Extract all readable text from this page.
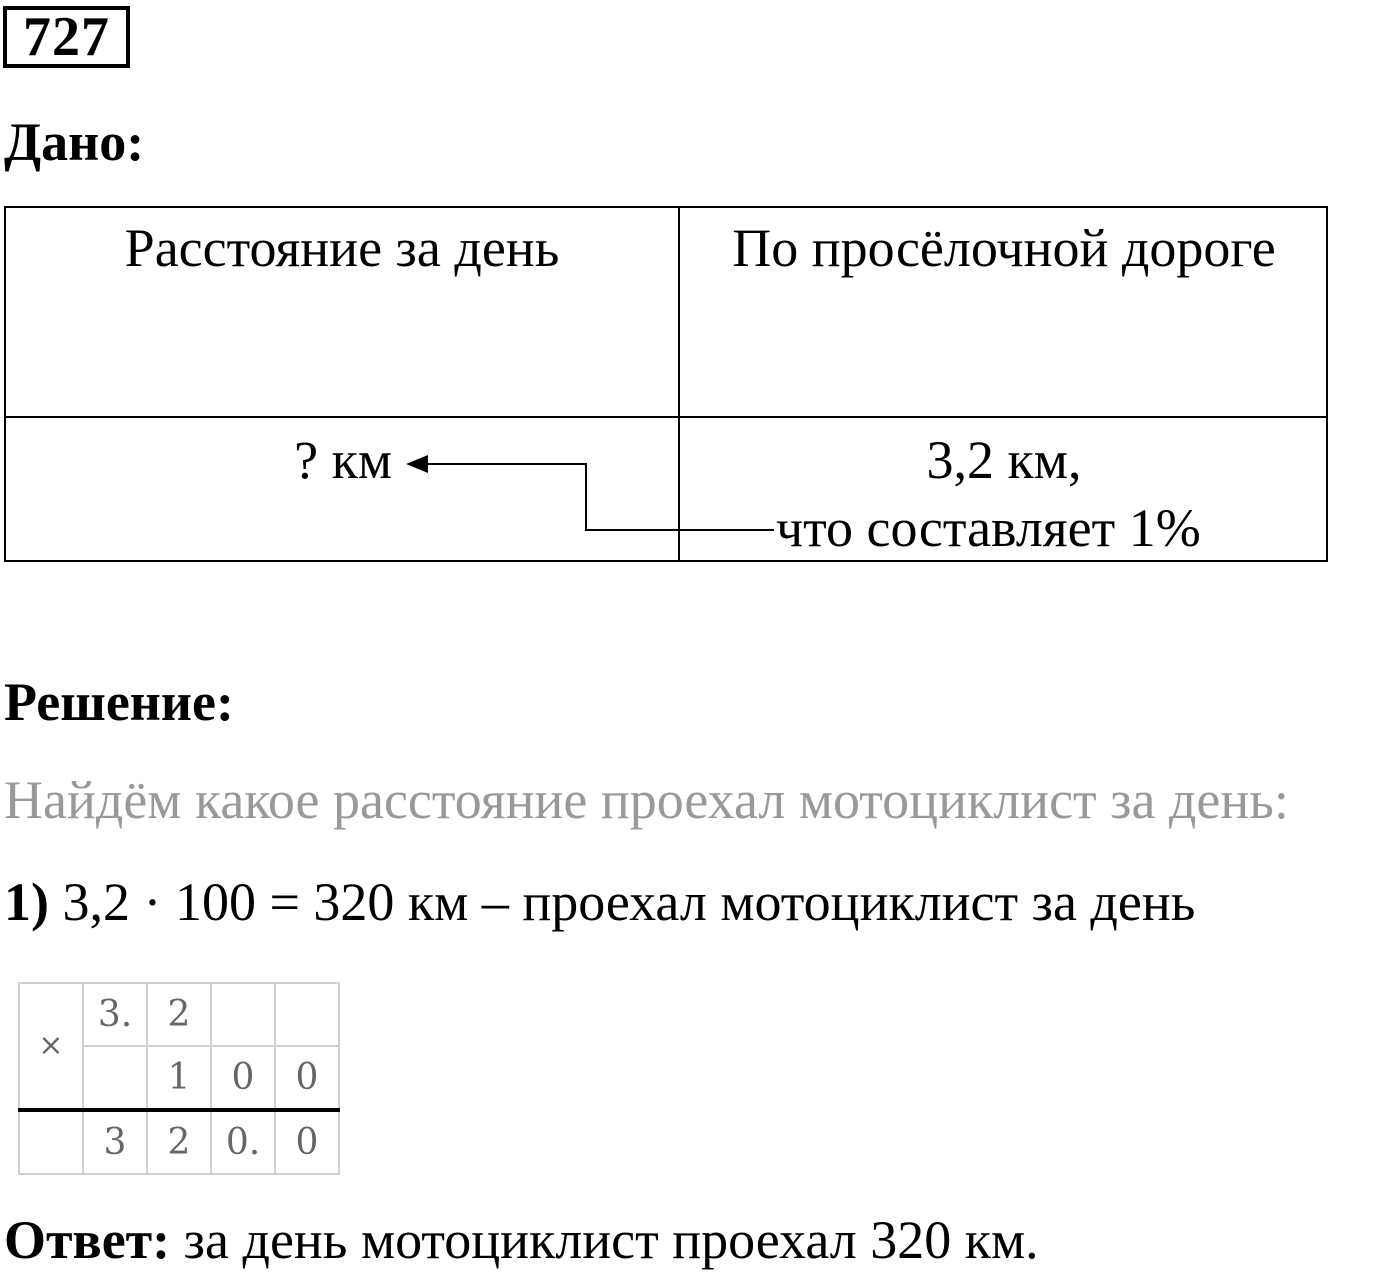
727
Дано:
Расстояние за день	По просёлочной дороге
? км	3,2 км,
что составляет 1%
Решение:
Найдём какое расстояние проехал мотоциклист за день:
1) 3,2 · 100 = 320 км – проехал мотоциклист за день
×	3.	2		
		1	0	0
	3	2	0.	0
Ответ: за день мотоциклист проехал 320 км.
